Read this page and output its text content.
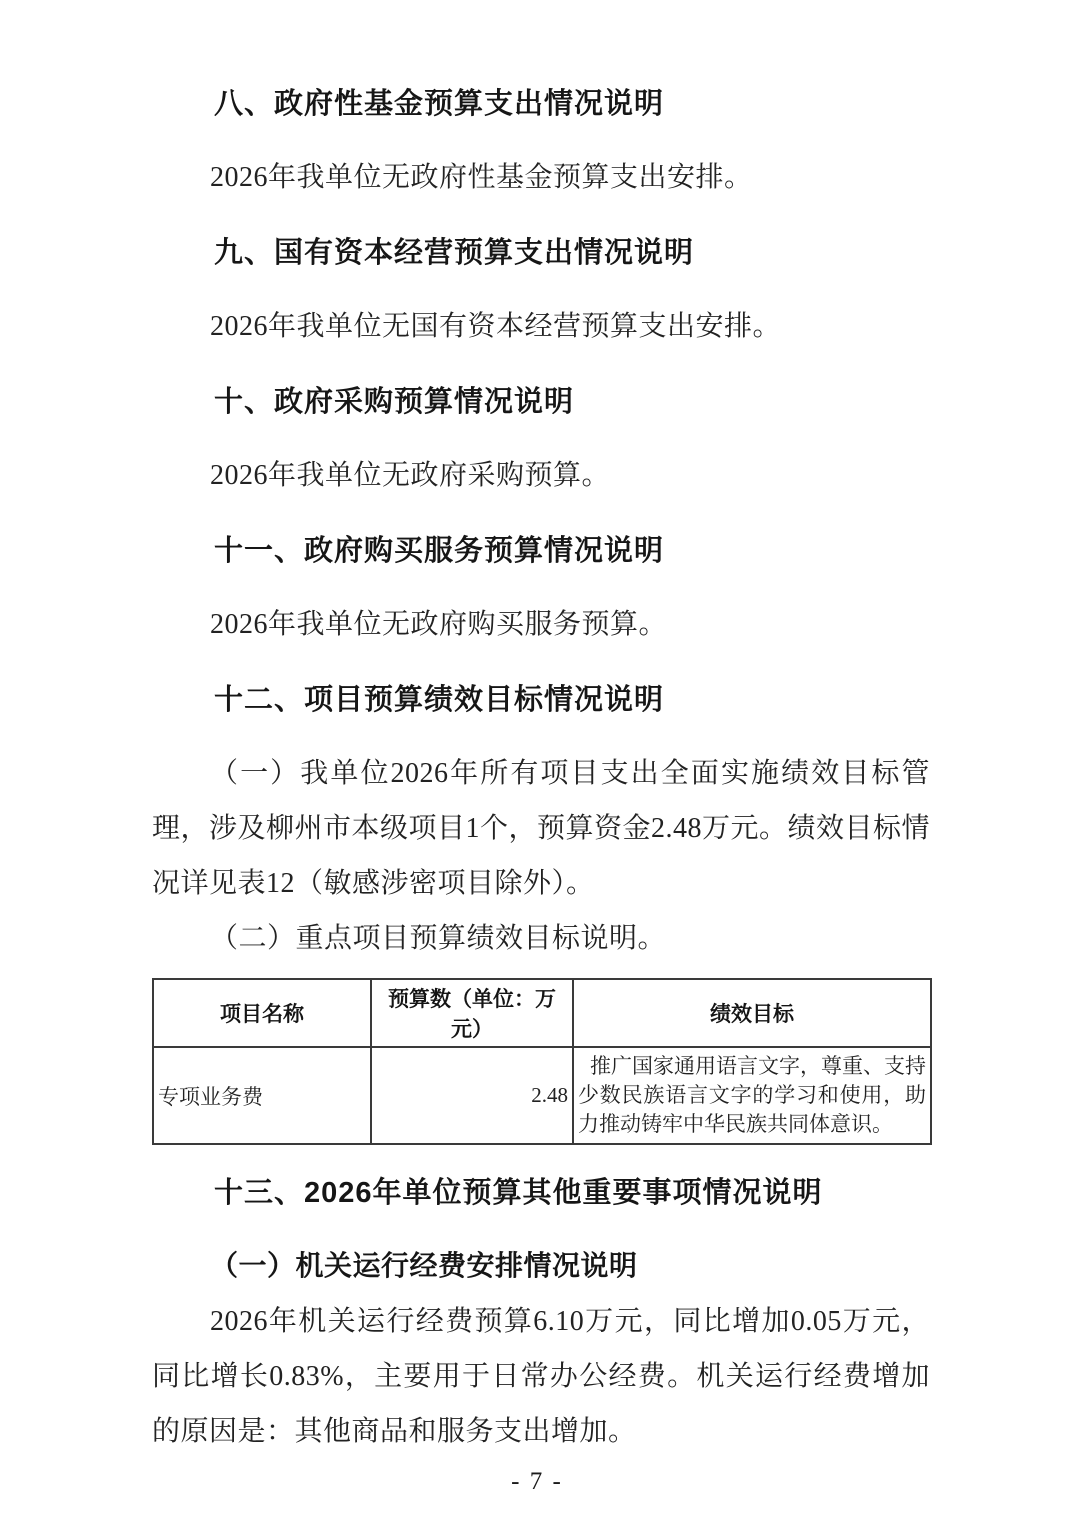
八、政府性基金预算支出情况说明

2026年我单位无政府性基金预算支出安排。

九、国有资本经营预算支出情况说明

2026年我单位无国有资本经营预算支出安排。

十、政府采购预算情况说明

2026年我单位无政府采购预算。

十一、政府购买服务预算情况说明

2026年我单位无政府购买服务预算。

十二、项目预算绩效目标情况说明

（一）我单位2026年所有项目支出全面实施绩效目标管理，涉及柳州市本级项目1个，预算资金2.48万元。绩效目标情况详见表12（敏感涉密项目除外）。

（二）重点项目预算绩效目标说明。

项目名称	预算数（单位：万元）	绩效目标
专项业务费	2.48	推广国家通用语言文字，尊重、支持少数民族语言文字的学习和使用，助力推动铸牢中华民族共同体意识。
十三、2026年单位预算其他重要事项情况说明
（一）机关运行经费安排情况说明

2026年机关运行经费预算6.10万元，同比增加0.05万元，同比增长0.83%，主要用于日常办公经费。机关运行经费增加的原因是：其他商品和服务支出增加。

- 7 -
